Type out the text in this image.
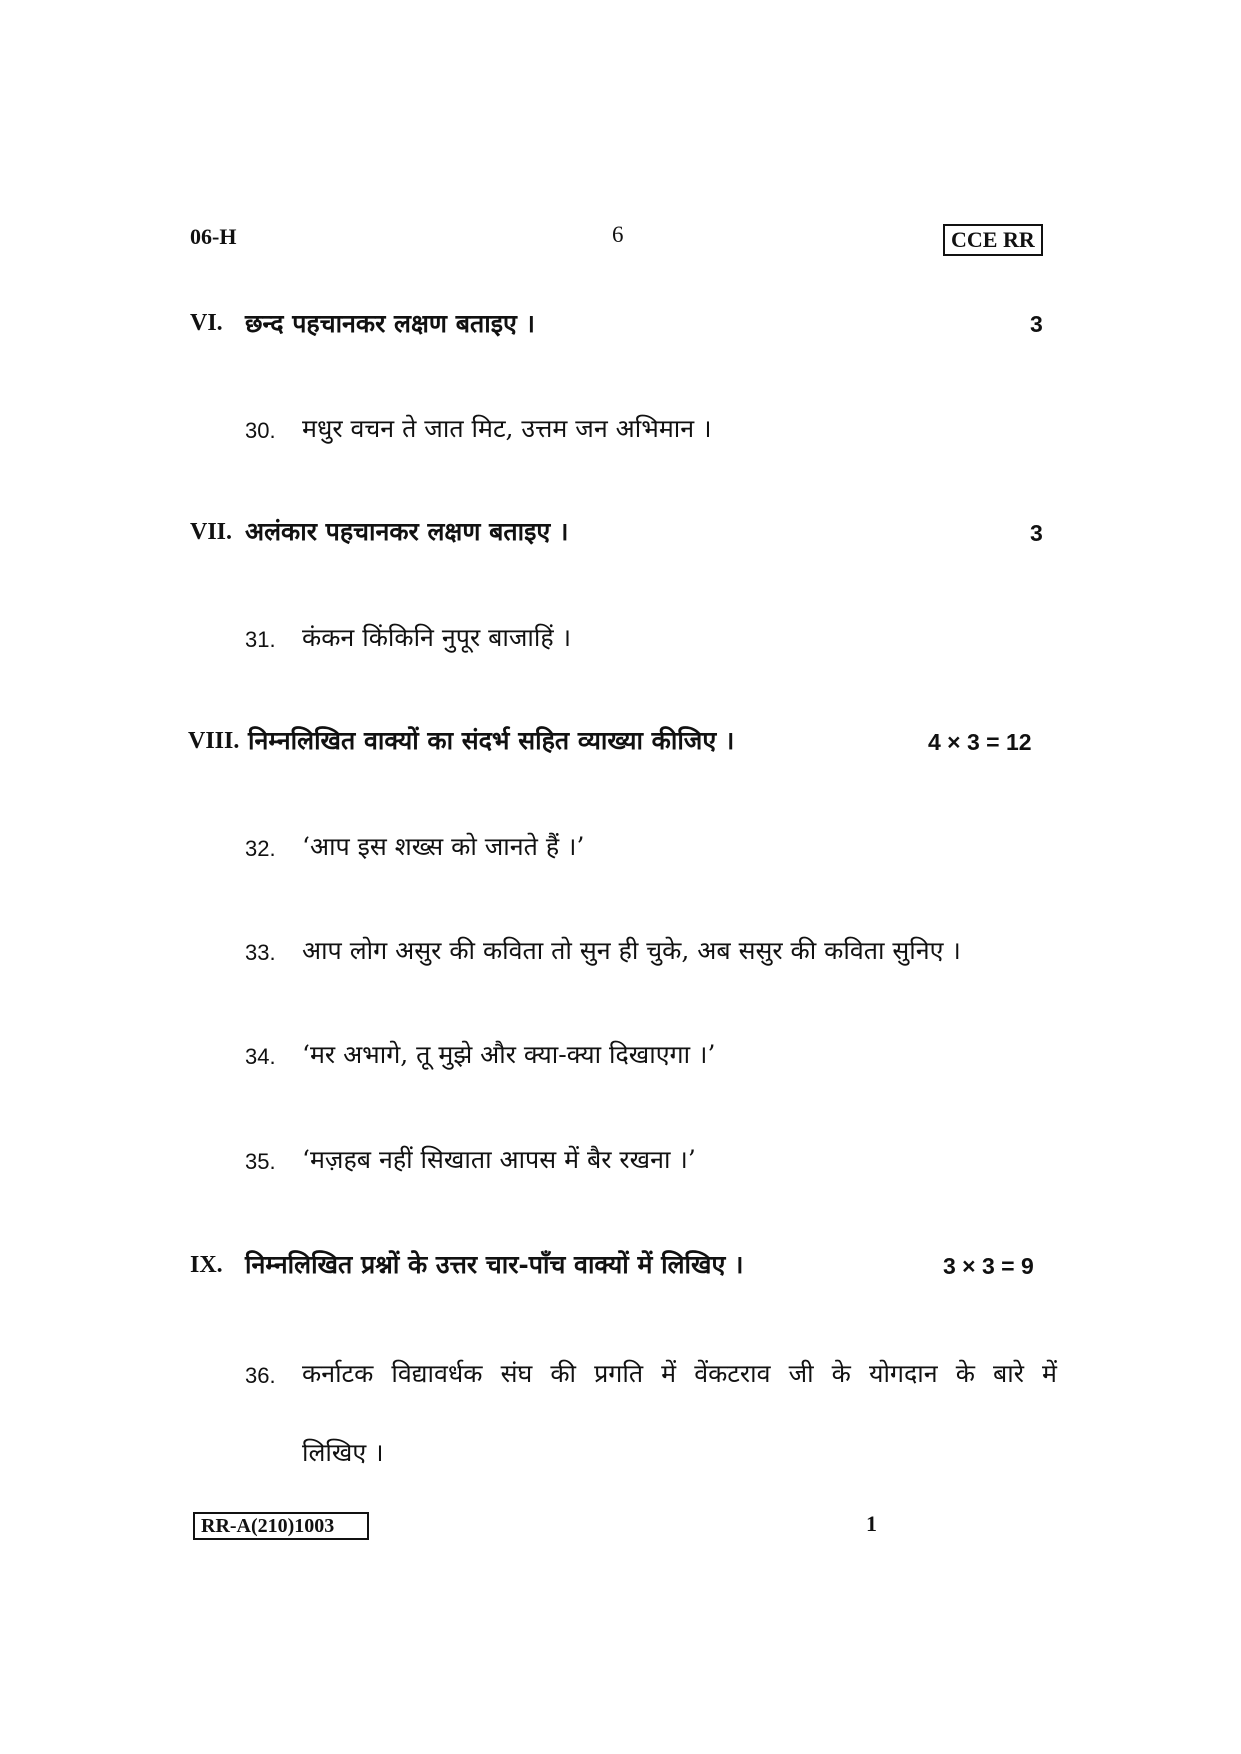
06-H	6	CCE RR
VI. छन्द पहचानकर लक्षण बताइए ।	3
30. मधुर वचन ते जात मिट, उत्तम जन अभिमान ।
VII. अलंकार पहचानकर लक्षण बताइए ।	3
31. कंकन किंकिनि नुपूर बाजाहिं ।
VIII. निम्नलिखित वाक्यों का संदर्भ सहित व्याख्या कीजिए ।	4 × 3 = 12
32. ‘आप इस शख्स को जानते हैं ।’
33. आप लोग असुर की कविता तो सुन ही चुके, अब ससुर की कविता सुनिए ।
34. ‘मर अभागे, तू मुझे और क्या-क्या दिखाएगा ।’
35. ‘मज़हब नहीं सिखाता आपस में बैर रखना ।’
IX. निम्नलिखित प्रश्नों के उत्तर चार-पाँच वाक्यों में लिखिए ।	3 × 3 = 9
36. कर्नाटक विद्यावर्धक संघ की प्रगति में वेंकटराव जी के योगदान के बारे में
लिखिए ।
RR-A(210)1003	1
